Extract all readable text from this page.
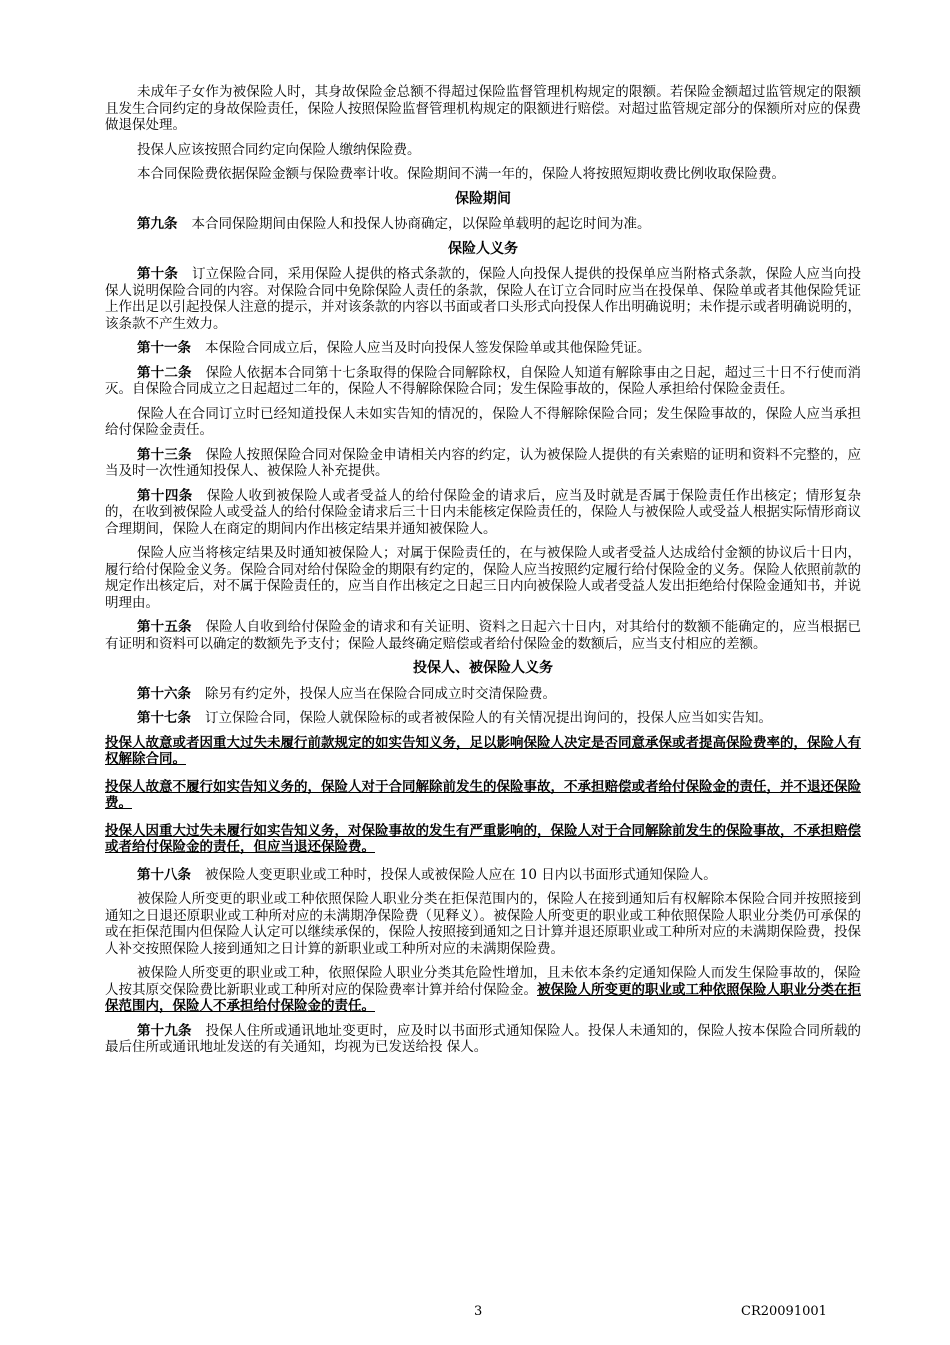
未成年子女作为被保险人时，其身故保险金总额不得超过保险监督管理机构规定的限额。若保险金额超过监管规定的限额且发生合同约定的身故保险责任，保险人按照保险监督管理机构规定的限额进行赔偿。对超过监管规定部分的保额所对应的保费做退保处理。

投保人应该按照合同约定向保险人缴纳保险费。

本合同保险费依据保险金额与保险费率计收。保险期间不满一年的，保险人将按照短期收费比例收取保险费。

保险期间

第九条 本合同保险期间由保险人和投保人协商确定，以保险单载明的起讫时间为准。

保险人义务

第十条 订立保险合同，采用保险人提供的格式条款的，保险人向投保人提供的投保单应当附格式条款，保险人应当向投保人说明保险合同的内容。对保险合同中免除保险人责任的条款，保险人在订立合同时应当在投保单、保险单或者其他保险凭证上作出足以引起投保人注意的提示，并对该条款的内容以书面或者口头形式向投保人作出明确说明；未作提示或者明确说明的，该条款不产生效力。

第十一条 本保险合同成立后，保险人应当及时向投保人签发保险单或其他保险凭证。

第十二条 保险人依据本合同第十七条取得的保险合同解除权，自保险人知道有解除事由之日起，超过三十日不行使而消灭。自保险合同成立之日起超过二年的，保险人不得解除保险合同；发生保险事故的，保险人承担给付保险金责任。

保险人在合同订立时已经知道投保人未如实告知的情况的，保险人不得解除保险合同；发生保险事故的，保险人应当承担给付保险金责任。

第十三条 保险人按照保险合同对保险金申请相关内容的约定，认为被保险人提供的有关索赔的证明和资料不完整的，应当及时一次性通知投保人、被保险人补充提供。

第十四条 保险人收到被保险人或者受益人的给付保险金的请求后，应当及时就是否属于保险责任作出核定；情形复杂的，在收到被保险人或受益人的给付保险金请求后三十日内未能核定保险责任的，保险人与被保险人或受益人根据实际情形商议合理期间，保险人在商定的期间内作出核定结果并通知被保险人。

保险人应当将核定结果及时通知被保险人；对属于保险责任的，在与被保险人或者受益人达成给付金额的协议后十日内，履行给付保险金义务。保险合同对给付保险金的期限有约定的，保险人应当按照约定履行给付保险金的义务。保险人依照前款的规定作出核定后，对不属于保险责任的，应当自作出核定之日起三日内向被保险人或者受益人发出拒绝给付保险金通知书，并说明理由。

第十五条 保险人自收到给付保险金的请求和有关证明、资料之日起六十日内，对其给付的数额不能确定的，应当根据已有证明和资料可以确定的数额先予支付；保险人最终确定赔偿或者给付保险金的数额后，应当支付相应的差额。

投保人、被保险人义务

第十六条 除另有约定外，投保人应当在保险合同成立时交清保险费。

第十七条 订立保险合同，保险人就保险标的或者被保险人的有关情况提出询问的，投保人应当如实告知。

投保人故意或者因重大过失未履行前款规定的如实告知义务，足以影响保险人决定是否同意承保或者提高保险费率的，保险人有权解除合同。

投保人故意不履行如实告知义务的，保险人对于合同解除前发生的保险事故，不承担赔偿或者给付保险金的责任，并不退还保险费。

投保人因重大过失未履行如实告知义务，对保险事故的发生有严重影响的，保险人对于合同解除前发生的保险事故，不承担赔偿或者给付保险金的责任，但应当退还保险费。

第十八条 被保险人变更职业或工种时，投保人或被保险人应在 10 日内以书面形式通知保险人。

被保险人所变更的职业或工种依照保险人职业分类在拒保范围内的，保险人在接到通知后有权解除本保险合同并按照接到通知之日退还原职业或工种所对应的未满期净保险费（见释义）。被保险人所变更的职业或工种依照保险人职业分类仍可承保的或在拒保范围内但保险人认定可以继续承保的，保险人按照接到通知之日计算并退还原职业或工种所对应的未满期保险费，投保人补交按照保险人接到通知之日计算的新职业或工种所对应的未满期保险费。

被保险人所变更的职业或工种，依照保险人职业分类其危险性增加，且未依本条约定通知保险人而发生保险事故的，保险人按其原交保险费比新职业或工种所对应的保险费率计算并给付保险金。被保险人所变更的职业或工种依照保险人职业分类在拒保范围内，保险人不承担给付保险金的责任。

第十九条 投保人住所或通讯地址变更时，应及时以书面形式通知保险人。投保人未通知的，保险人按本保险合同所载的最后住所或通讯地址发送的有关通知，均视为已发送给投 保人。

3	CR20091001
